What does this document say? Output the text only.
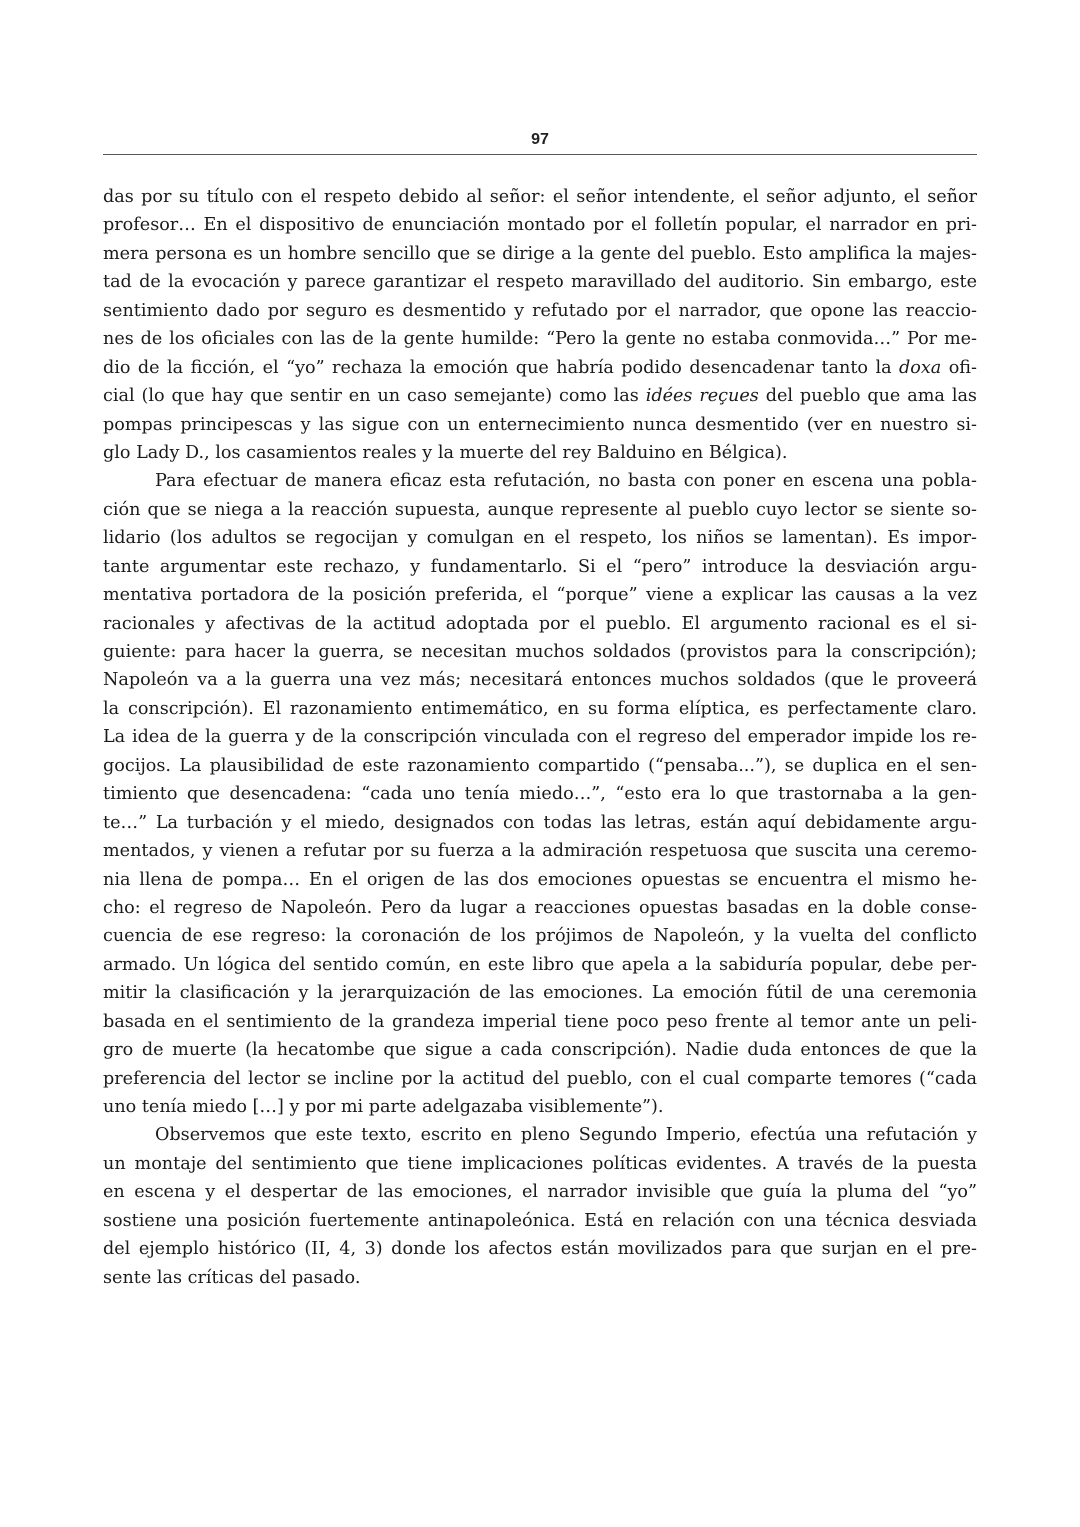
97
das por su título con el respeto debido al señor: el señor intendente, el señor adjunto, el señor
profesor… En el dispositivo de enunciación montado por el folletín popular, el narrador en pri-
mera persona es un hombre sencillo que se dirige a la gente del pueblo. Esto amplifica la majes-
tad de la evocación y parece garantizar el respeto maravillado del auditorio. Sin embargo, este
sentimiento dado por seguro es desmentido y refutado por el narrador, que opone las reaccio-
nes de los oficiales con las de la gente humilde: “Pero la gente no estaba conmovida…” Por me-
dio de la ficción, el “yo” rechaza la emoción que habría podido desencadenar tanto la doxa ofi-
cial (lo que hay que sentir en un caso semejante) como las idées reçues del pueblo que ama las
pompas principescas y las sigue con un enternecimiento nunca desmentido (ver en nuestro si-
glo Lady D., los casamientos reales y la muerte del rey Balduino en Bélgica).
Para efectuar de manera eficaz esta refutación, no basta con poner en escena una pobla-
ción que se niega a la reacción supuesta, aunque represente al pueblo cuyo lector se siente so-
lidario (los adultos se regocijan y comulgan en el respeto, los niños se lamentan). Es impor-
tante argumentar este rechazo, y fundamentarlo. Si el “pero” introduce la desviación argu-
mentativa portadora de la posición preferida, el “porque” viene a explicar las causas a la vez
racionales y afectivas de la actitud adoptada por el pueblo. El argumento racional es el si-
guiente: para hacer la guerra, se necesitan muchos soldados (provistos para la conscripción);
Napoleón va a la guerra una vez más; necesitará entonces muchos soldados (que le proveerá
la conscripción). El razonamiento entimemático, en su forma elíptica, es perfectamente claro.
La idea de la guerra y de la conscripción vinculada con el regreso del emperador impide los re-
gocijos. La plausibilidad de este razonamiento compartido (“pensaba...”), se duplica en el sen-
timiento que desencadena: “cada uno tenía miedo…”, “esto era lo que trastornaba a la gen-
te…” La turbación y el miedo, designados con todas las letras, están aquí debidamente argu-
mentados, y vienen a refutar por su fuerza a la admiración respetuosa que suscita una ceremo-
nia llena de pompa… En el origen de las dos emociones opuestas se encuentra el mismo he-
cho: el regreso de Napoleón. Pero da lugar a reacciones opuestas basadas en la doble conse-
cuencia de ese regreso: la coronación de los prójimos de Napoleón, y la vuelta del conflicto
armado. Un lógica del sentido común, en este libro que apela a la sabiduría popular, debe per-
mitir la clasificación y la jerarquización de las emociones. La emoción fútil de una ceremonia
basada en el sentimiento de la grandeza imperial tiene poco peso frente al temor ante un peli-
gro de muerte (la hecatombe que sigue a cada conscripción). Nadie duda entonces de que la
preferencia del lector se incline por la actitud del pueblo, con el cual comparte temores (“cada
uno tenía miedo […] y por mi parte adelgazaba visiblemente”).
Observemos que este texto, escrito en pleno Segundo Imperio, efectúa una refutación y
un montaje del sentimiento que tiene implicaciones políticas evidentes. A través de la puesta
en escena y el despertar de las emociones, el narrador invisible que guía la pluma del “yo”
sostiene una posición fuertemente antinapoleónica. Está en relación con una técnica desviada
del ejemplo histórico (II, 4, 3) donde los afectos están movilizados para que surjan en el pre-
sente las críticas del pasado.
